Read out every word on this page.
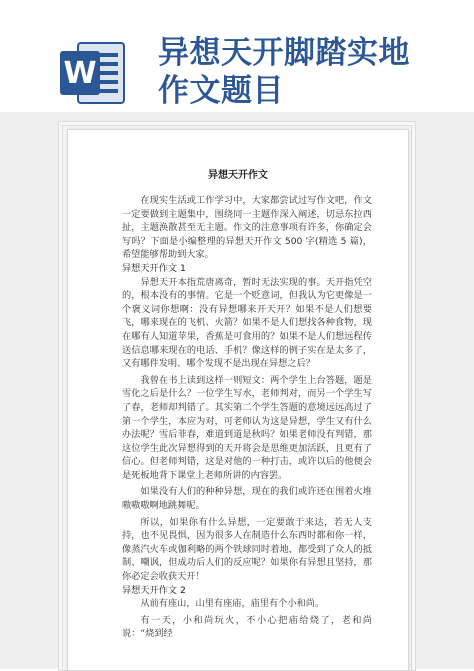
W
异想天开脚踏实地
作文题目
异想天开作文

在现实生活或工作学习中，大家都尝试过写作文吧，作文一定要做到主题集中，围绕同一主题作深入阐述，切忌东拉西扯，主题涣散甚至无主题。作文的注意事项有许多，你确定会写吗？下面是小编整理的异想天开作文 500 字(精选 5 篇)，希望能够帮助到大家。

异想天开作文 1

异想天开本指荒唐离奇，暂时无法实现的事。天开指凭空的，根本没有的事情。它是一个贬意词，但我认为它更像是一个褒义词你想啊：没有异想哪来开天开？如果不是人们想要飞，哪来现在的飞机、火箭？如果不是人们想找各种食物，现在哪有人知道苹果，香蕉是可食用的？如果不是人们想远程传送信息哪来现在的电话、手机？像这样的例子实在是太多了，又有哪件发明、哪个发现不是出现在异想之后？

我曾在书上读到这样一则短文：两个学生上台答题，题是雪化之后是什么？一位学生写水，老师判对，而另一个学生写了春，老师却判错了。其实第二个学生答题的意境远远高过了第一个学生，本应为对，可老师认为这是异想，学生又有什么办法呢？雪后菲春，难道到道是秋吗？如果老师没有判错，那这位学生此次异想得到的天开将会是思维更加活跃，且更有了信心。但老师判错，这是对他的一种打击，或许以后的他便会是死板地背下课堂上老师所讲的内容罢。

如果没有人们的种种异想，现在的我们或许还在围着火堆嗷嗷嗷啊地跳舞呢。

所以，如果你有什么异想，一定要敢于来达，若无人支持，也不见畏惧，因为很多人在制造什么东西时都和你一样，像蒸汽火车或伽利略的两个铁球同时着地，都受到了众人的抵制、嘲讽，但成功后人们的反应呢？如果你有异想且坚持，那你必定会收获天开！

异想天开作文 2

从前有座山，山里有座庙，庙里有个小和尚。

有一天，小和尚玩火，不小心把庙给烧了，老和尚说：“烧到经
